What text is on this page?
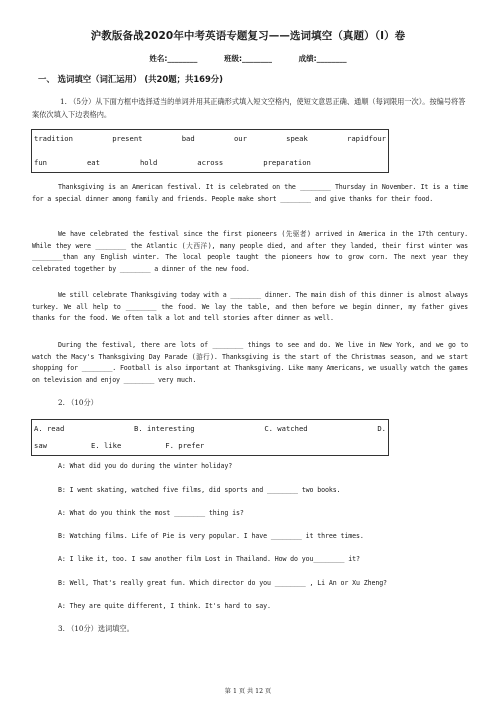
沪教版备战2020年中考英语专题复习——选词填空（真题）（I）卷
姓名:________	班级:________	成绩:________
一、 选词填空（词汇运用） (共20题；共169分)
1. （5分）从下面方框中选择适当的单词并用其正确形式填入短文空格内，使短文意思正确、通顺（每词限用一次）。按编号将答案依次填入下边表格内。
tradition	present	bad	our	speak	rapidfour
fun	eat	hold	across	preparation
Thanksgiving is an American festival. It is celebrated on the ________ Thursday in November. It is a time for a special dinner among family and friends. People make short ________ and give thanks for their food.
We have celebrated the festival since the first pioneers (先驱者) arrived in America in the 17th century. While they were ________ the Atlantic (大西洋), many people died, and after they landed, their first winter was ________than any English winter. The local people taught the pioneers how to grow corn. The next year they celebrated together by ________ a dinner of the new food.
We still celebrate Thanksgiving today with a ________ dinner. The main dish of this dinner is almost always turkey. We all help to ________ the food. We lay the table, and then before we begin dinner, my father gives thanks for the food. We often talk a lot and tell stories after dinner as well.
During the festival, there are lots of ________ things to see and do. We live in New York, and we go to watch the Macy's Thanksgiving Day Parade (游行). Thanksgiving is the start of the Christmas season, and we start shopping for ________. Football is also important at Thanksgiving. Like many Americans, we usually watch the games on television and enjoy ________ very much.
2. （10分）
A. read	B. interesting	C. watched	D.
saw	E. like	F. prefer
A: What did you do during the winter holiday?
B: I went skating, watched five films, did sports and ________ two books.
A: What do you think the most ________ thing is?
B: Watching films. Life of Pie is very popular. I have ________ it three times.
A: I like it, too. I saw another film Lost in Thailand. How do you________ it?
B: Well, That's really great fun. Which director do you ________ , Li An or Xu Zheng?
A: They are quite different, I think. It's hard to say.
3. （10分）选词填空。
第 1 页 共 12 页
